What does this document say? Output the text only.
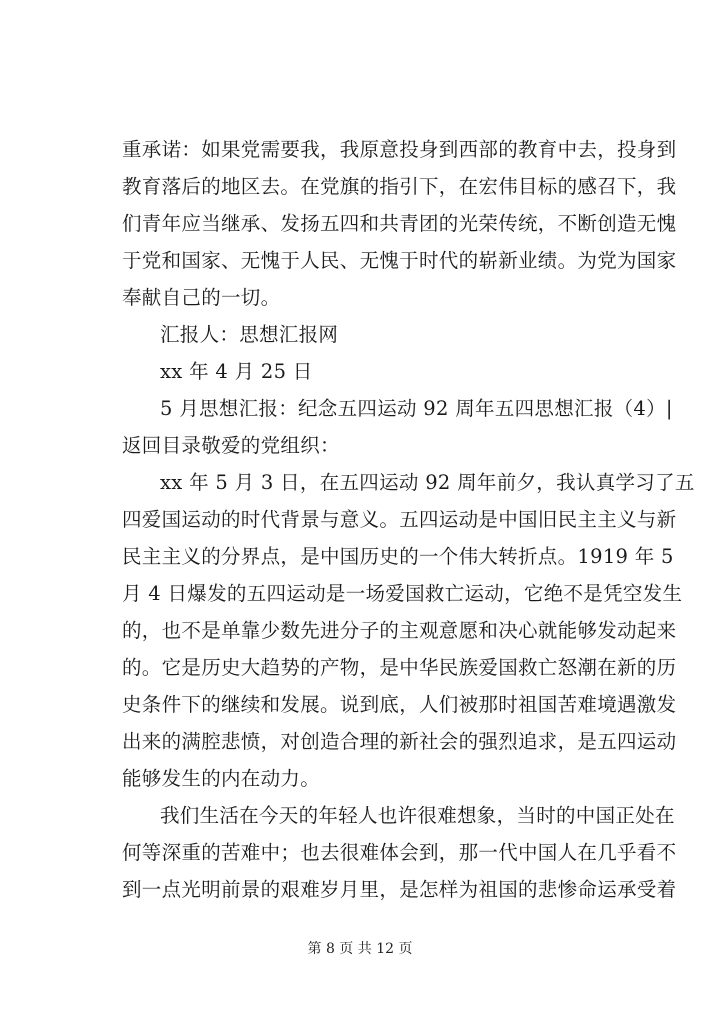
重承诺：如果党需要我，我原意投身到西部的教育中去，投身到
教育落后的地区去。在党旗的指引下，在宏伟目标的感召下，我
们青年应当继承、发扬五四和共青团的光荣传统，不断创造无愧
于党和国家、无愧于人民、无愧于时代的崭新业绩。为党为国家
奉献自己的一切。
汇报人：思想汇报网
xx 年 4 月 25 日
5 月思想汇报：纪念五四运动 92 周年五四思想汇报（4）|
返回目录敬爱的党组织：
xx 年 5 月 3 日，在五四运动 92 周年前夕，我认真学习了五
四爱国运动的时代背景与意义。五四运动是中国旧民主主义与新
民主主义的分界点，是中国历史的一个伟大转折点。1919 年 5
月 4 日爆发的五四运动是一场爱国救亡运动，它绝不是凭空发生
的，也不是单靠少数先进分子的主观意愿和决心就能够发动起来
的。它是历史大趋势的产物，是中华民族爱国救亡怒潮在新的历
史条件下的继续和发展。说到底，人们被那时祖国苦难境遇激发
出来的满腔悲愤，对创造合理的新社会的强烈追求，是五四运动
能够发生的内在动力。
我们生活在今天的年轻人也许很难想象，当时的中国正处在
何等深重的苦难中；也去很难体会到，那一代中国人在几乎看不
到一点光明前景的艰难岁月里，是怎样为祖国的悲惨命运承受着
第 8 页 共 12 页
